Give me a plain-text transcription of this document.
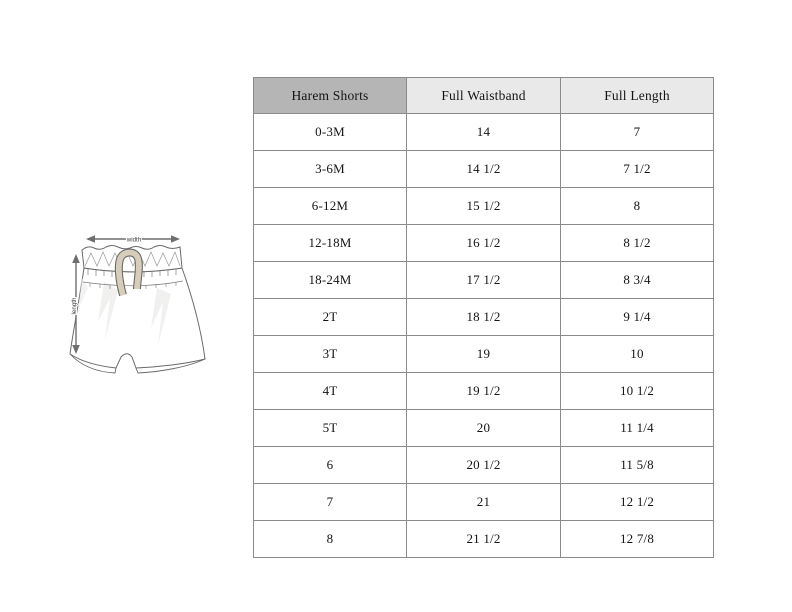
width
length
Harem Shorts	Full Waistband	Full Length
0-3M	14	7
3-6M	14 1/2	7 1/2
6-12M	15 1/2	8
12-18M	16 1/2	8 1/2
18-24M	17 1/2	8 3/4
2T	18 1/2	9 1/4
3T	19	10
4T	19 1/2	10 1/2
5T	20	11 1/4
6	20 1/2	11 5/8
7	21	12 1/2
8	21 1/2	12 7/8
